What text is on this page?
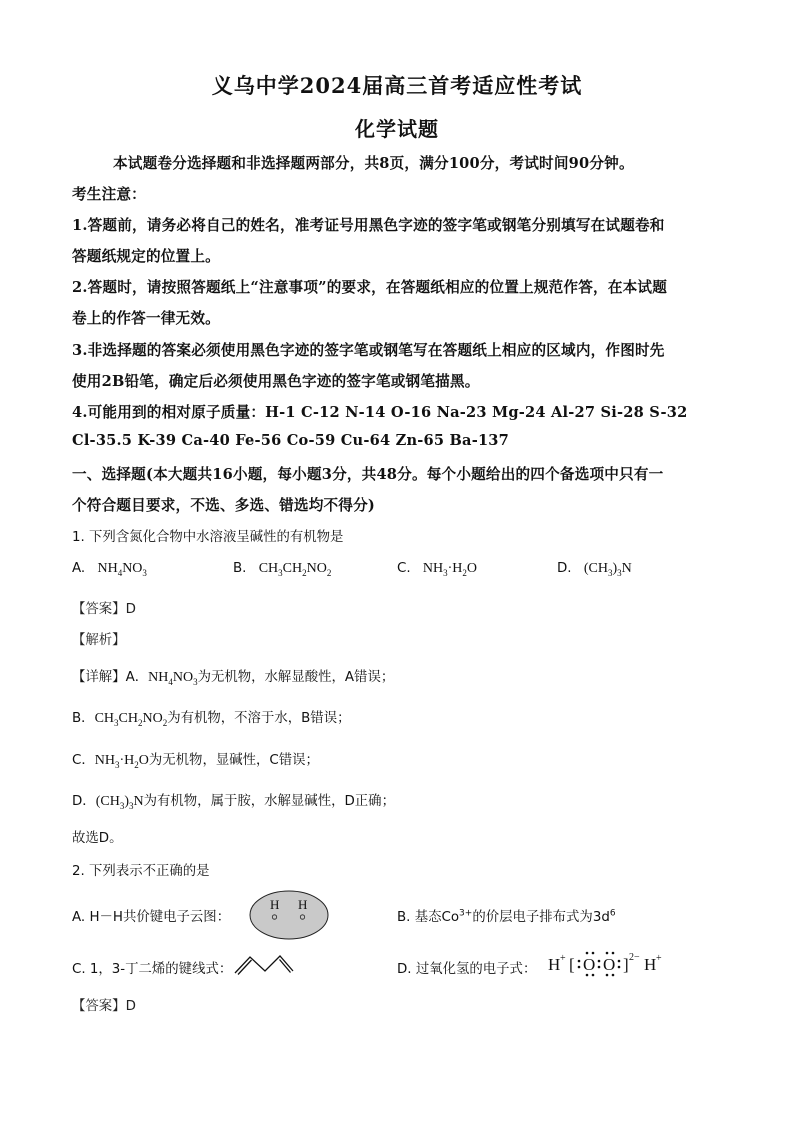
义乌中学2024届高三首考适应性考试
化学试题
本试题卷分选择题和非选择题两部分，共8页，满分100分，考试时间90分钟。
考生注意：
1.答题前，请务必将自己的姓名，准考证号用黑色字迹的签字笔或钢笔分别填写在试题卷和
答题纸规定的位置上。
2.答题时，请按照答题纸上“注意事项”的要求，在答题纸相应的位置上规范作答，在本试题
卷上的作答一律无效。
3.非选择题的答案必须使用黑色字迹的签字笔或钢笔写在答题纸上相应的区域内，作图时先
使用2B铅笔，确定后必须使用黑色字迹的签字笔或钢笔描黑。
4.可能用到的相对原子质量：H-1 C-12 N-14 O-16 Na-23 Mg-24 Al-27 Si-28 S-32
Cl-35.5 K-39 Ca-40 Fe-56 Co-59 Cu-64 Zn-65 Ba-137
一、选择题(本大题共16小题，每小题3分，共48分。每个小题给出的四个备选项中只有一
个符合题目要求，不选、多选、错选均不得分)
1. 下列含氮化合物中水溶液呈碱性的有机物是
A. $NH_4NO_3$	B. $CH_3CH_2NO_2$	C. $NH_3\cdot H_2O$	D. $(CH_3)_3N$
【答案】D
【解析】
【详解】A．$NH_4NO_3$为无机物，水解显酸性，A错误；
B．$CH_3CH_2NO_2$为有机物，不溶于水，B错误；
C．$NH_3\cdot H_2O$为无机物，显碱性，C错误；
D．$(CH_3)_3N$为有机物，属于胺，水解显碱性，D正确；
故选D。
2. 下列表示不正确的是
A. H－H共价键电子云图：
H H
B. 基态$Co^{3+}$的价层电子排布式为$3d^6$
C. 1，3-丁二烯的键线式：	D. 过氧化氢的电子式： H + [ O O ] 2− H +
【答案】D
